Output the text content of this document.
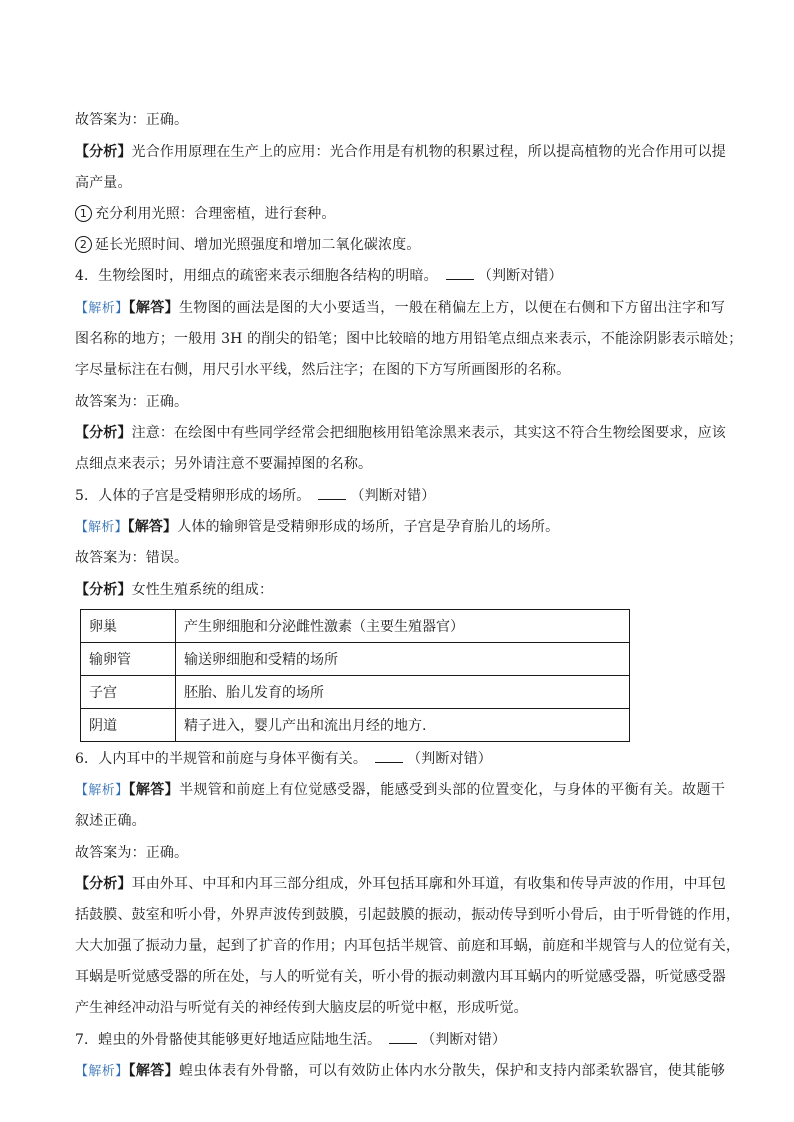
故答案为：正确。
【分析】光合作用原理在生产上的应用：光合作用是有机物的积累过程，所以提高植物的光合作用可以提
高产量。
1 充分利用光照：合理密植，进行套种。
2 延长光照时间、增加光照强度和增加二氧化碳浓度。
4．生物绘图时，用细点的疏密来表示细胞各结构的明暗。	（判断对错）
【解析】【解答】生物图的画法是图的大小要适当，一般在稍偏左上方，以便在右侧和下方留出注字和写
图名称的地方；一般用 3H 的削尖的铅笔；图中比较暗的地方用铅笔点细点来表示，不能涂阴影表示暗处；
字尽量标注在右侧，用尺引水平线，然后注字；在图的下方写所画图形的名称。
故答案为：正确。
【分析】注意：在绘图中有些同学经常会把细胞核用铅笔涂黑来表示，其实这不符合生物绘图要求，应该
点细点来表示；另外请注意不要漏掉图的名称。
5．人体的子宫是受精卵形成的场所。	（判断对错）
【解析】【解答】人体的输卵管是受精卵形成的场所，子宫是孕育胎儿的场所。
故答案为：错误。
【分析】女性生殖系统的组成：
卵巢	产生卵细胞和分泌雌性激素（主要生殖器官）
输卵管	输送卵细胞和受精的场所
子宫	胚胎、胎儿发育的场所
阴道	精子进入，婴儿产出和流出月经的地方.
6．人内耳中的半规管和前庭与身体平衡有关。	（判断对错）
【解析】【解答】半规管和前庭上有位觉感受器，能感受到头部的位置变化，与身体的平衡有关。故题干
叙述正确。
故答案为：正确。
【分析】耳由外耳、中耳和内耳三部分组成，外耳包括耳廓和外耳道，有收集和传导声波的作用，中耳包
括鼓膜、鼓室和听小骨，外界声波传到鼓膜，引起鼓膜的振动，振动传导到听小骨后，由于听骨链的作用，
大大加强了振动力量，起到了扩音的作用；内耳包括半规管、前庭和耳蜗，前庭和半规管与人的位觉有关，
耳蜗是听觉感受器的所在处，与人的听觉有关，听小骨的振动刺激内耳耳蜗内的听觉感受器，听觉感受器
产生神经冲动沿与听觉有关的神经传到大脑皮层的听觉中枢，形成听觉。
7．蝗虫的外骨骼使其能够更好地适应陆地生活。	（判断对错）
【解析】【解答】蝗虫体表有外骨骼，可以有效防止体内水分散失，保护和支持内部柔软器官，使其能够
